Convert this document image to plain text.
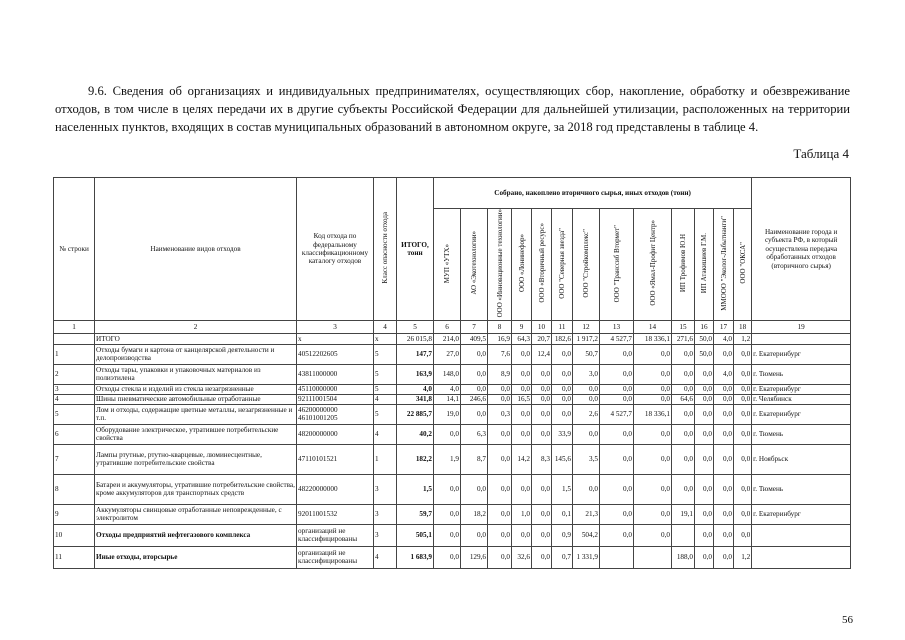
9.6. Сведения об организациях и индивидуальных предпринимателях, осуществляющих сбор, накопление, обработку и обезвреживание отходов, в том числе в целях передачи их в другие субъекты Российской Федерации для дальнейшей утилизации, расположенных на территории населенных пунктов, входящих в состав муниципальных образований в автономном округе, за 2018 год представлены в таблице 4.
Таблица 4
№ строки	Наименование видов отходов	Код отхода по федеральному классификационному каталогу отходов	Класс опасности отхода	ИТОГО, тонн	Собрано, накоплено вторичного сырья, иных отходов (тонн)													Наименование города и субъекта РФ, в который осуществлена передача обработанных отходов (вторичного сырья)
					МУП «УТХ»	АО «Экотехнологии»	ООО «Инновационные технологии»	ООО «Лонинефор»	ООО «Вторичный ресурс»	ООО "Северная звезда"	ООО "Стройкомплекс"	ООО "Транссиб Втормет"	ООО «Ямал-Профит Центр»	ИП Трофимов Ю.Н	ИП Атакишиев Г.М.	ММООО "Эколог-Лабытнанги"	ООО "ОКСА"	
1	2	3	4	5	6	7	8	9	10	11	12	13	14	15	16	17	18	19
	ИТОГО	x	x	26 015,8	214,0	409,5	16,9	64,3	20,7	182,6	1 917,2	4 527,7	18 336,1	271,6	50,0	4,0	1,2	
1	Отходы бумаги и картона от канцелярской деятельности и делопроизводства	40512202605	5	147,7	27,0	0,0	7,6	0,0	12,4	0,0	50,7	0,0	0,0	0,0	50,0	0,0	0,0	г. Екатеринбург
2	Отходы тары, упаковки и упаковочных материалов из полиэтилена	43811000000	5	163,9	148,0	0,0	8,9	0,0	0,0	0,0	3,0	0,0	0,0	0,0	0,0	4,0	0,0	г. Тюмень
3	Отходы стекла и изделий из стекла незагрязненные	45110000000	5	4,0	4,0	0,0	0,0	0,0	0,0	0,0	0,0	0,0	0,0	0,0	0,0	0,0	0,0	г. Екатеринбург
4	Шины пневматические автомобильные отработанные	92111001504	4	341,8	14,1	246,6	0,0	16,5	0,0	0,0	0,0	0,0	0,0	64,6	0,0	0,0	0,0	г. Челябинск
5	Лом и отходы, содержащие цветные металлы, незагрязненные и т.п.	46200000000
46101001205	5	22 885,7	19,0	0,0	0,3	0,0	0,0	0,0	2,6	4 527,7	18 336,1	0,0	0,0	0,0	0,0	г. Екатеринбург
6	Оборудование электрическое, утратившее потребительские свойства	48200000000	4	40,2	0,0	6,3	0,0	0,0	0,0	33,9	0,0	0,0	0,0	0,0	0,0	0,0	0,0	г. Тюмень
7	Лампы ртутные, ртутно-кварцевые, люминесцентные, утратившие потребительские свойства	47110101521	1	182,2	1,9	8,7	0,0	14,2	8,3	145,6	3,5	0,0	0,0	0,0	0,0	0,0	0,0	г. Ноябрьск
8	Батареи и аккумуляторы, утратившие потребительские свойства, кроме аккумуляторов для транспортных средств	48220000000	3	1,5	0,0	0,0	0,0	0,0	0,0	1,5	0,0	0,0	0,0	0,0	0,0	0,0	0,0	г. Тюмень
9	Аккумуляторы свинцовые отработанные неповрежденные, с электролитом	92011001532	3	59,7	0,0	18,2	0,0	1,0	0,0	0,1	21,3	0,0	0,0	19,1	0,0	0,0	0,0	г. Екатеринбург
10	Отходы предприятий нефтегазового комплекса	организаций не классифицированы	3	505,1	0,0	0,0	0,0	0,0	0,0	0,9	504,2	0,0	0,0		0,0	0,0	0,0	
11	Иные отходы, вторсырье	организаций не классифицированы	4	1 683,9	0,0	129,6	0,0	32,6	0,0	0,7	1 331,9			188,0	0,0	0,0	1,2	
56
